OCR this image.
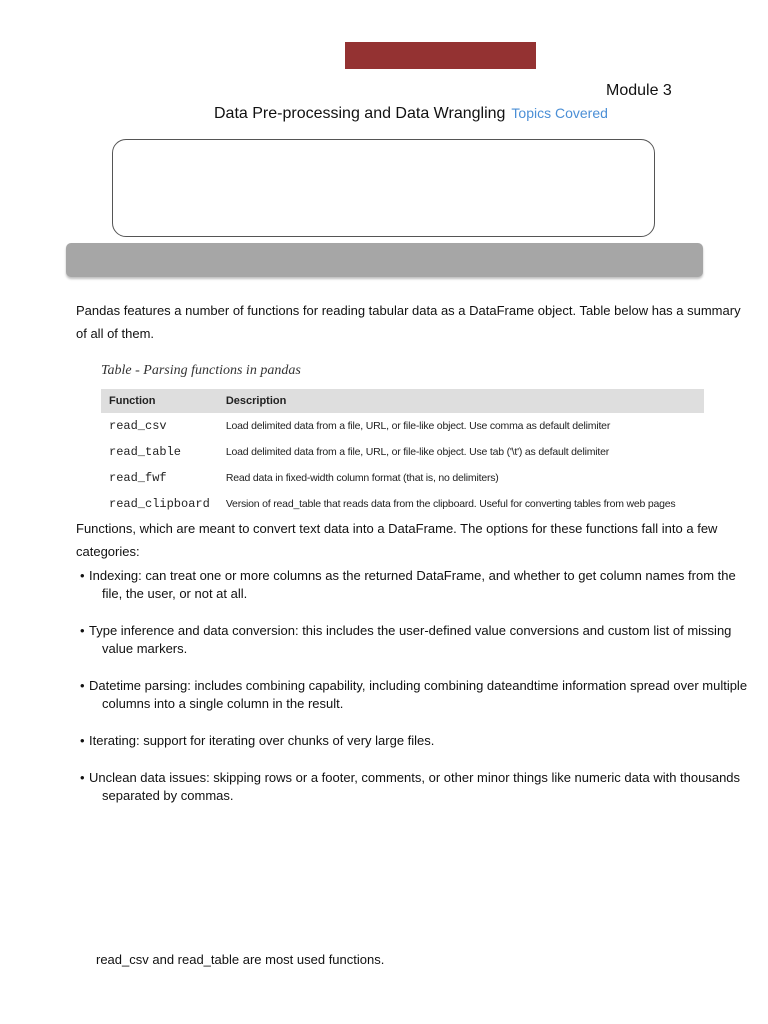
Module 3
Data Pre-processing and Data Wrangling Topics Covered
Pandas features a number of functions for reading tabular data as a DataFrame object. Table below has a summary of all of them.
Table - Parsing functions in pandas
Function	Description
read_csv	Load delimited data from a file, URL, or file-like object. Use comma as default delimiter
read_table	Load delimited data from a file, URL, or file-like object. Use tab ('\t') as default delimiter
read_fwf	Read data in fixed-width column format (that is, no delimiters)
read_clipboard	Version of read_table that reads data from the clipboard. Useful for converting tables from web pages
Functions, which are meant to convert text data into a DataFrame. The options for these functions fall into a few categories:
• Indexing: can treat one or more columns as the returned DataFrame, and whether to get column names from the file, the user, or not at all.
• Type inference and data conversion: this includes the user-defined value conversions and custom list of missing value markers.
• Datetime parsing: includes combining capability, including combining dateandtime information spread over multiple columns into a single column in the result.
• Iterating: support for iterating over chunks of very large files.
• Unclean data issues: skipping rows or a footer, comments, or other minor things like numeric data with thousands separated by commas.
read_csv and read_table are most used functions.
